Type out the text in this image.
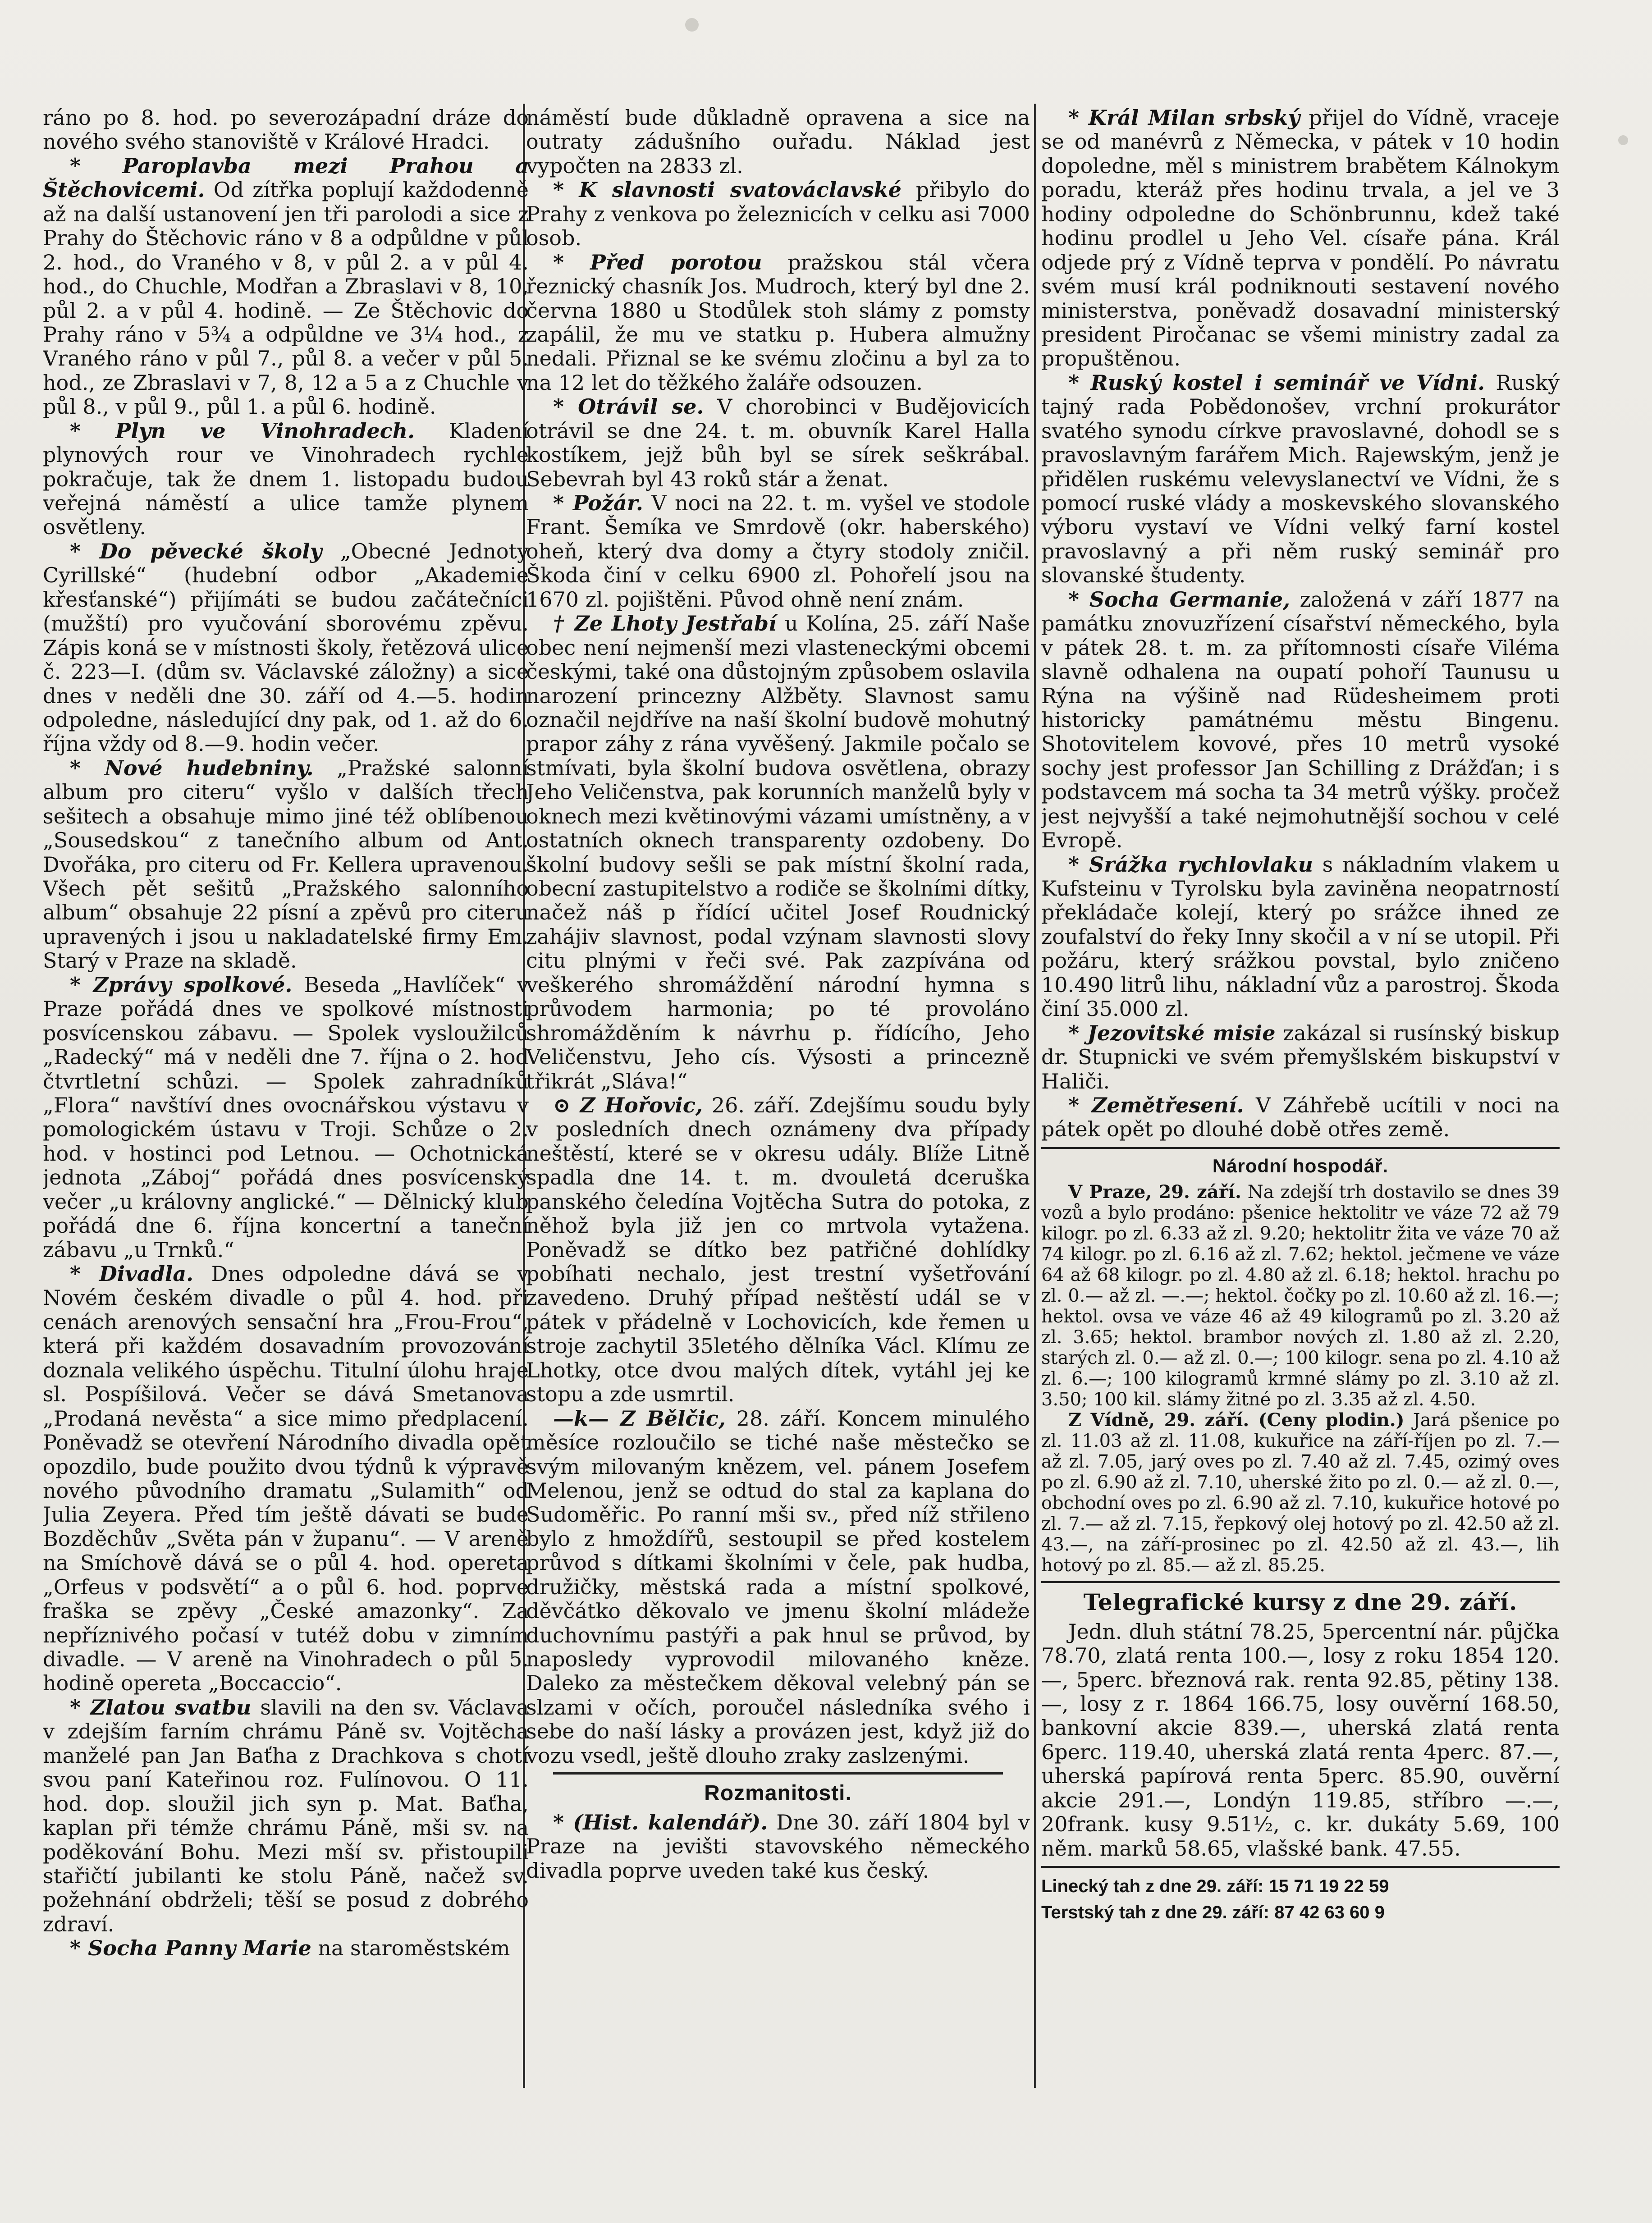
ráno po 8. hod. po severozápadní dráze do nového svého stanoviště v Králové Hradci.

* Paroplavba mezi Prahou a Štěchovicemi. Od zítřka poplují každodenně až na další ustanovení jen tři parolodi a sice z Prahy do Štěchovic ráno v 8 a odpůldne v půl 2. hod., do Vraného v 8, v půl 2. a v půl 4. hod., do Chuchle, Modřan a Zbraslavi v 8, 10, půl 2. a v půl 4. hodině. — Ze Štěchovic do Prahy ráno v 5¾ a odpůldne ve 3¼ hod., z Vraného ráno v půl 7., půl 8. a večer v půl 5. hod., ze Zbraslavi v 7, 8, 12 a 5 a z Chuchle v půl 8., v půl 9., půl 1. a půl 6. hodině.

* Plyn ve Vinohradech. Kladení plynových rour ve Vinohradech rychle pokračuje, tak že dnem 1. listopadu budou veřejná náměstí a ulice tamže plynem osvětleny.

* Do pěvecké školy „Obecné Jednoty Cyrillské“ (hudební odbor „Akademie křesťanské“) přijímáti se budou začátečníci (mužští) pro vyučování sborovému zpěvu. Zápis koná se v místnosti školy, řetězová ulice č. 223—I. (dům sv. Václavské záložny) a sice dnes v neděli dne 30. září od 4.—5. hodin odpoledne, následující dny pak, od 1. až do 6. října vždy od 8.—9. hodin večer.

* Nové hudebniny. „Pražské salonní album pro citeru“ vyšlo v dalších třech sešitech a obsahuje mimo jiné též oblíbenou „Sousedskou“ z tanečního album od Ant. Dvořáka, pro citeru od Fr. Kellera upravenou. Všech pět sešitů „Pražského salonního album“ obsahuje 22 písní a zpěvů pro citeru upravených i jsou u nakladatelské firmy Em. Starý v Praze na skladě.

* Zprávy spolkové. Beseda „Havlíček“ v Praze pořádá dnes ve spolkové místnosti posvícenskou zábavu. — Spolek vysloužilců „Radecký“ má v neděli dne 7. října o 2. hod čtvrtletní schůzi. — Spolek zahradníků „Flora“ navštíví dnes ovocnářskou výstavu v pomologickém ústavu v Troji. Schůze o 2. hod. v hostinci pod Letnou. — Ochotnická jednota „Záboj“ pořádá dnes posvícenský večer „u královny anglické.“ — Dělnický klub pořádá dne 6. října koncertní a taneční zábavu „u Trnků.“

* Divadla. Dnes odpoledne dává se v Novém českém divadle o půl 4. hod. při cenách arenových sensační hra „Frou-Frou“, která při každém dosavadním provozování doznala velikého úspěchu. Titulní úlohu hraje sl. Pospíšilová. Večer se dává Smetanova „Prodaná nevěsta“ a sice mimo předplacení. Poněvadž se otevření Národního divadla opět opozdilo, bude použito dvou týdnů k výpravě nového původního dramatu „Sulamith“ od Julia Zeyera. Před tím ještě dávati se bude Bozděchův „Světa pán v županu“. — V areně na Smíchově dává se o půl 4. hod. opereta „Orfeus v podsvětí“ a o půl 6. hod. poprve fraška se zpěvy „České amazonky“. Za nepříznivého počasí v tutéž dobu v zimním divadle. — V areně na Vinohradech o půl 5. hodině opereta „Boccaccio“.

* Zlatou svatbu slavili na den sv. Václava v zdejším farním chrámu Páně sv. Vojtěcha manželé pan Jan Baťha z Drachkova s chotí svou paní Kateřinou roz. Fulínovou. O 11. hod. dop. sloužil jich syn p. Mat. Baťha, kaplan při témže chrámu Páně, mši sv. na poděkování Bohu. Mezi mší sv. přistoupili stařičtí jubilanti ke stolu Páně, načež sv. požehnání obdrželi; těší se posud z dobrého zdraví.

* Socha Panny Marie na staroměstském

náměstí bude důkladně opravena a sice na outraty zádušního ouřadu. Náklad jest vypočten na 2833 zl.

* K slavnosti svatováclavské přibylo do Prahy z venkova po železnicích v celku asi 7000 osob.

* Před porotou pražskou stál včera řeznický chasník Jos. Mudroch, který byl dne 2. června 1880 u Stodůlek stoh slámy z pomsty zapálil, že mu ve statku p. Hubera almužny nedali. Přiznal se ke svému zločinu a byl za to na 12 let do těžkého žaláře odsouzen.

* Otrávil se. V chorobinci v Budějovicích otrávil se dne 24. t. m. obuvník Karel Halla kostíkem, jejž bůh byl se sírek seškrábal. Sebevrah byl 43 roků stár a ženat.

* Požár. V noci na 22. t. m. vyšel ve stodole Frant. Šemíka ve Smrdově (okr. haberského) oheň, který dva domy a čtyry stodoly zničil. Škoda činí v celku 6900 zl. Pohořelí jsou na 1670 zl. pojištěni. Původ ohně není znám.

† Ze Lhoty Jestřabí u Kolína, 25. září Naše obec není nejmenší mezi vlasteneckými obcemi českými, také ona důstojným způsobem oslavila narození princezny Alžběty. Slavnost samu označil nejdříve na naší školní budově mohutný prapor záhy z rána vyvěšený. Jakmile počalo se stmívati, byla školní budova osvětlena, obrazy Jeho Veličenstva, pak korunních manželů byly v oknech mezi květinovými vázami umístněny, a v ostatních oknech transparenty ozdobeny. Do školní budovy sešli se pak místní školní rada, obecní zastupitelstvo a rodiče se školními dítky, načež náš p řídící učitel Josef Roudnický zahájiv slavnost, podal vzýnam slavnosti slovy citu plnými v řeči své. Pak zazpívána od veškerého shromáždění národní hymna s průvodem harmonia; po té provoláno shromážděním k návrhu p. řídícího, Jeho Veličenstvu, Jeho cís. Výsosti a princezně třikrát „Sláva!“

⊙ Z Hořovic, 26. září. Zdejšímu soudu byly v posledních dnech oznámeny dva případy neštěstí, které se v okresu udály. Blíže Litně spadla dne 14. t. m. dvouletá dceruška panského čeledína Vojtěcha Sutra do potoka, z něhož byla již jen co mrtvola vytažena. Poněvadž se dítko bez patřičné dohlídky pobíhati nechalo, jest trestní vyšetřování zavedeno. Druhý případ neštěstí udál se v pátek v přádelně v Lochovicích, kde řemen u stroje zachytil 35letého dělníka Václ. Klímu ze Lhotky, otce dvou malých dítek, vytáhl jej ke stopu a zde usmrtil.

—k— Z Bělčic, 28. září. Koncem minulého měsíce rozloučilo se tiché naše městečko se svým milovaným knězem, vel. pánem Josefem Melenou, jenž se odtud do stal za kaplana do Sudoměřic. Po ranní mši sv., před níž střileno bylo z hmoždířů, sestoupil se před kostelem průvod s dítkami školními v čele, pak hudba, družičky, městská rada a místní spolkové, děvčátko děkovalo ve jmenu školní mládeže duchovnímu pastýři a pak hnul se průvod, by naposledy vyprovodil milovaného kněze. Daleko za městečkem děkoval velebný pán se slzami v očích, poroučel následníka svého i sebe do naší lásky a provázen jest, když již do vozu vsedl, ještě dlouho zraky zaslzenými.

Rozmanitosti.

* (Hist. kalendář). Dne 30. září 1804 byl v Praze na jevišti stavovského německého divadla poprve uveden také kus český.

* Král Milan srbský přijel do Vídně, vraceje se od manévrů z Německa, v pátek v 10 hodin dopoledne, měl s ministrem brabětem Kálnokym poradu, kteráž přes hodinu trvala, a jel ve 3 hodiny odpoledne do Schönbrunnu, kdež také hodinu prodlel u Jeho Vel. císaře pána. Král odjede prý z Vídně teprva v pondělí. Po návratu svém musí král podniknouti sestavení nového ministerstva, poněvadž dosavadní ministerský president Piročanac se všemi ministry zadal za propuštěnou.

* Ruský kostel i seminář ve Vídni. Ruský tajný rada Pobědonošev, vrchní prokurátor svatého synodu církve pravoslavné, dohodl se s pravoslavným farářem Mich. Rajewským, jenž je přidělen ruskému velevyslanectví ve Vídni, že s pomocí ruské vlády a moskevského slovanského výboru vystaví ve Vídni velký farní kostel pravoslavný a při něm ruský seminář pro slovanské študenty.

* Socha Germanie, založená v září 1877 na památku znovuzřízení císařství německého, byla v pátek 28. t. m. za přítomnosti císaře Viléma slavně odhalena na oupatí pohoří Taunusu u Rýna na výšině nad Rüdesheimem proti historicky památnému městu Bingenu. Shotovitelem kovové, přes 10 metrů vysoké sochy jest professor Jan Schilling z Drážďan; i s podstavcem má socha ta 34 metrů výšky. pročež jest nejvyšší a také nejmohutnější sochou v celé Evropě.

* Srážka rychlovlaku s nákladním vlakem u Kufsteinu v Tyrolsku byla zaviněna neopatrností překládače kolejí, který po srážce ihned ze zoufalství do řeky Inny skočil a v ní se utopil. Při požáru, který srážkou povstal, bylo zničeno 10.490 litrů lihu, nákladní vůz a parostroj. Škoda činí 35.000 zl.

* Jezovitské misie zakázal si rusínský biskup dr. Stupnicki ve svém přemyšlském biskupství v Haliči.

* Zemětřesení. V Záhřebě ucítili v noci na pátek opět po dlouhé době otřes země.

Národní hospodář.

V Praze, 29. září. Na zdejší trh dostavilo se dnes 39 vozů a bylo prodáno: pšenice hektolitr ve váze 72 až 79 kilogr. po zl. 6.33 až zl. 9.20; hektolitr žita ve váze 70 až 74 kilogr. po zl. 6.16 až zl. 7.62; hektol. ječmene ve váze 64 až 68 kilogr. po zl. 4.80 až zl. 6.18; hektol. hrachu po zl. 0.— až zl. —.—; hektol. čočky po zl. 10.60 až zl. 16.—; hektol. ovsa ve váze 46 až 49 kilogramů po zl. 3.20 až zl. 3.65; hektol. brambor nových zl. 1.80 až zl. 2.20, starých zl. 0.— až zl. 0.—; 100 kilogr. sena po zl. 4.10 až zl. 6.—; 100 kilogramů krmné slámy po zl. 3.10 až zl. 3.50; 100 kil. slámy žitné po zl. 3.35 až zl. 4.50.

Z Vídně, 29. září. (Ceny plodin.) Jará pšenice po zl. 11.03 až zl. 11.08, kukuřice na září-říjen po zl. 7.— až zl. 7.05, jarý oves po zl. 7.40 až zl. 7.45, ozimý oves po zl. 6.90 až zl. 7.10, uherské žito po zl. 0.— až zl. 0.—, obchodní oves po zl. 6.90 až zl. 7.10, kukuřice hotové po zl. 7.— až zl. 7.15, řepkový olej hotový po zl. 42.50 až zl. 43.—, na září-prosinec po zl. 42.50 až zl. 43.—, lih hotový po zl. 85.— až zl. 85.25.

Telegrafické kursy z dne 29. září.

Jedn. dluh státní 78.25, 5percentní nár. půjčka 78.70, zlatá renta 100.—, losy z roku 1854 120.—, 5perc. březnová rak. renta 92.85, pětiny 138.—, losy z r. 1864 166.75, losy ouvěrní 168.50, bankovní akcie 839.—, uherská zlatá renta 6perc. 119.40, uherská zlatá renta 4perc. 87.—, uherská papírová renta 5perc. 85.90, ouvěrní akcie 291.—, Londýn 119.85, stříbro —.—, 20frank. kusy 9.51½, c. kr. dukáty 5.69, 100 něm. marků 58.65, vlašské bank. 47.55.

Linecký tah z dne 29. září: 15 71 19 22 59
Terstský tah z dne 29. září: 87 42 63 60 9
